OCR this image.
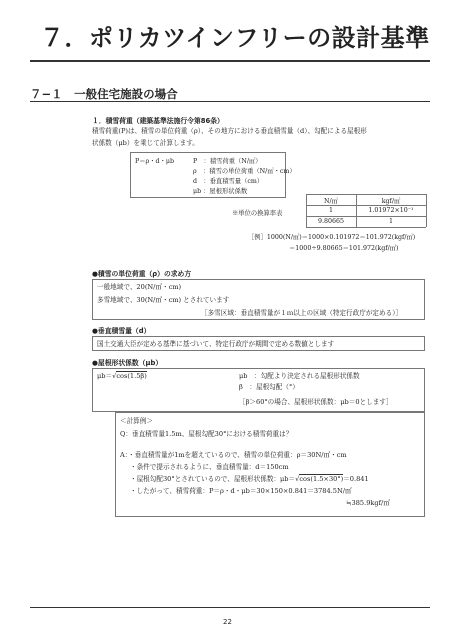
７．ポリカツインフリーの設計基準
７−１　一般住宅施設の場合
１．積雪荷重（建築基準法施行令第86条）
積雪荷重(P)は、積雪の単位荷重（ρ）、その地方における垂直積雪量（d）、勾配による屋根形
状係数（μb）を乗じて計算します。
P＝ρ・d・μb	P　：積雪荷重（N/㎡）
ρ　：積雪の単位荷重（N/㎡・cm）
d　：垂直積雪量（cm）
μb ：屋根形状係数
※単位の換算率表
N/㎡	kgf/㎡
1	1.01972×10⁻¹
9.80665	1
［例］1000(N/㎡)＝1000×0.101972＝101.972(kgf/㎡)
＝1000÷9.80665＝101.972(kgf/㎡)
●積雪の単位荷重（ρ）の求め方
一般地域で、20(N/㎡・cm)
多雪地域で、30(N/㎡・cm) とされています
［多雪区域：垂直積雪量が１ｍ以上の区域（特定行政庁が定める）］
●垂直積雪量（d）
国土交通大臣が定める基準に基づいて、特定行政庁が期間で定める数値とします
●屋根形状係数（μb）
μb＝√cos(1.5β)	μb　：勾配より決定される屋根形状係数
β　：屋根勾配（°）
［β＞60°の場合、屋根形状係数：μb＝0とします］
＜計算例＞
Q：垂直積雪量1.5m、屋根勾配30°における積雪荷重は？
A：・垂直積雪量が1mを超えているので、積雪の単位荷重：ρ＝30N/㎡・cm
・条件で提示されるように、垂直積雪量：d＝150cm
・屋根勾配30°とされているので、屋根形状係数：μb＝√cos(1.5×30°)＝0.841
・したがって、積雪荷重：P＝ρ・d・μb＝30×150×0.841＝3784.5N/㎡
≒385.9kgf/㎡
22
